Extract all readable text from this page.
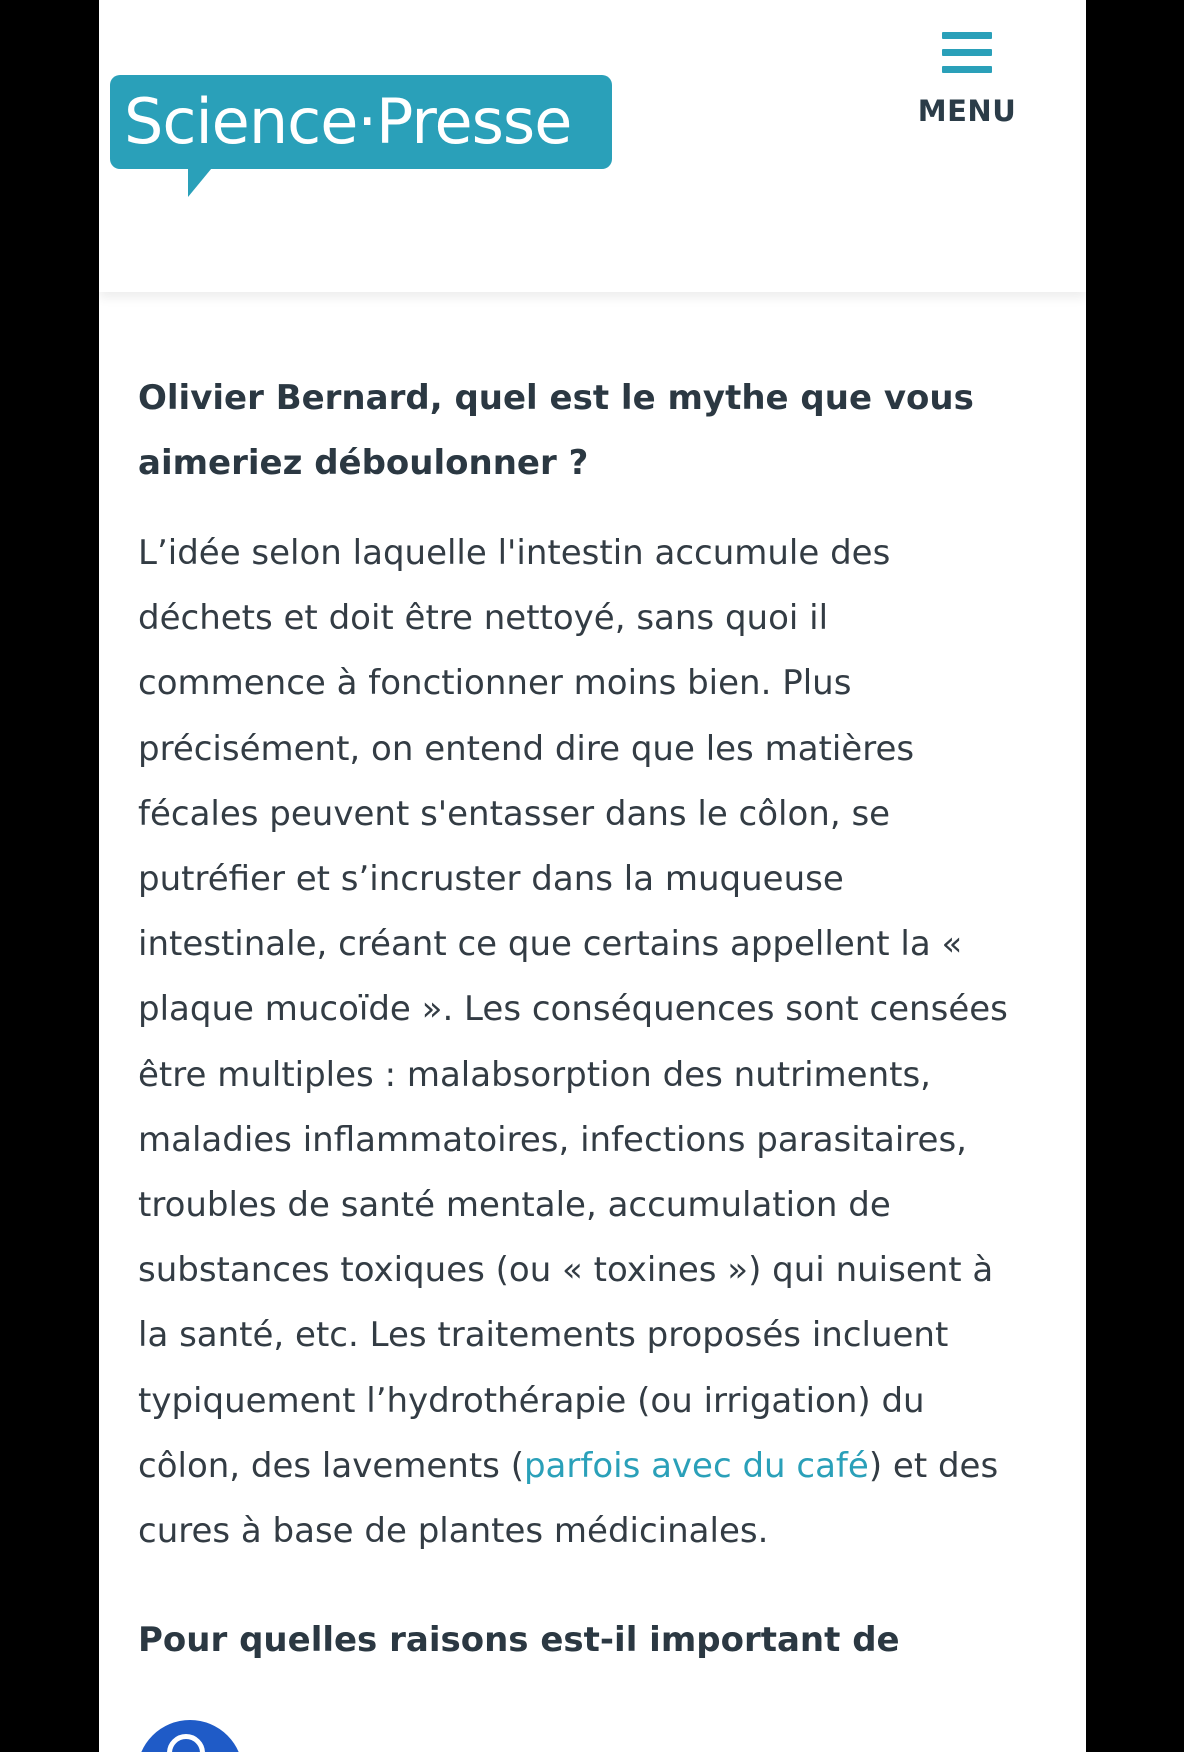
Science·Presse	MENU

Olivier Bernard, quel est le mythe que vous aimeriez déboulonner ?

L’idée selon laquelle l'intestin accumule des déchets et doit être nettoyé, sans quoi il commence à fonctionner moins bien. Plus précisément, on entend dire que les matières fécales peuvent s'entasser dans le côlon, se putréfier et s’incruster dans la muqueuse intestinale, créant ce que certains appellent la « plaque mucoïde ». Les conséquences sont censées être multiples : malabsorption des nutriments, maladies inflammatoires, infections parasitaires, troubles de santé mentale, accumulation de substances toxiques (ou « toxines ») qui nuisent à la santé, etc. Les traitements proposés incluent typiquement l’hydrothérapie (ou irrigation) du côlon, des lavements (parfois avec du café) et des cures à base de plantes médicinales.

Pour quelles raisons est-il important de
